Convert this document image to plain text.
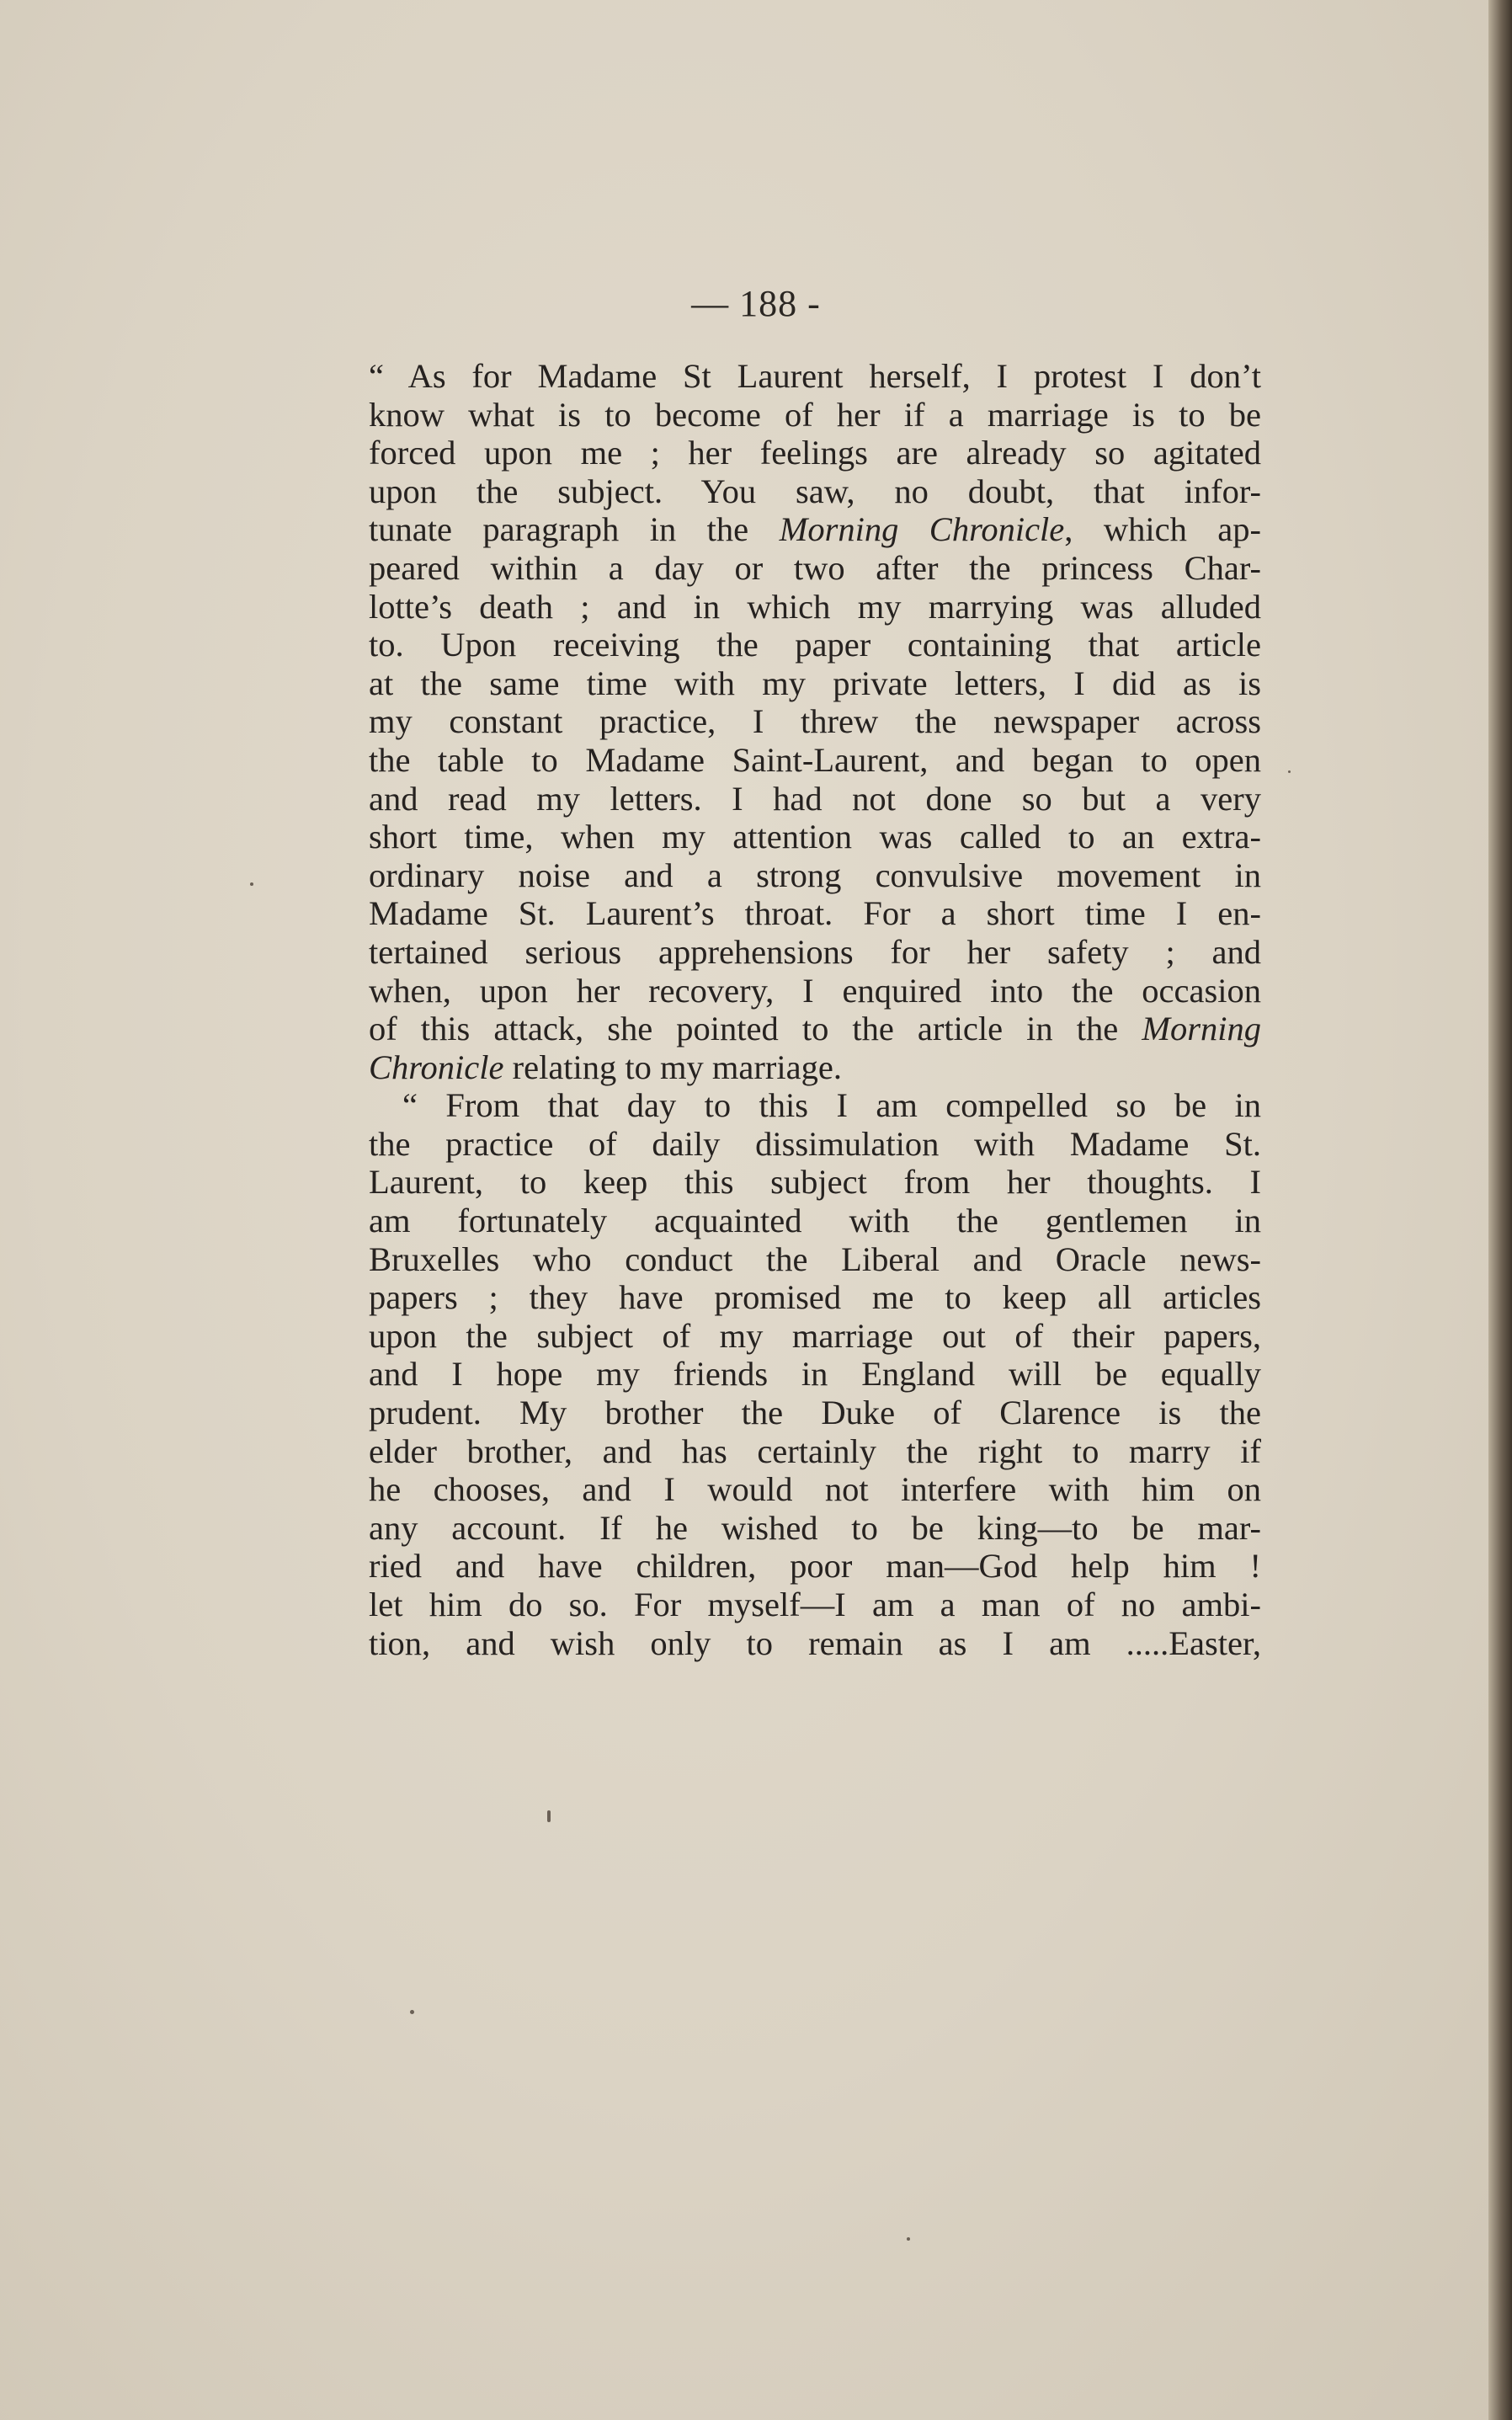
— 188 -
“ As for Madame St Laurent herself, I protest I don’t
know what is to become of her if a marriage is to be
forced upon me ; her feelings are already so agitated
upon the subject. You saw, no doubt, that infor-
tunate paragraph in the Morning Chronicle, which ap-
peared within a day or two after the princess Char-
lotte’s death ; and in which my marrying was alluded
to. Upon receiving the paper containing that article
at the same time with my private letters, I did as is
my constant practice, I threw the newspaper across
the table to Madame Saint-Laurent, and began to open
and read my letters. I had not done so but a very
short time, when my attention was called to an extra-
ordinary noise and a strong convulsive movement in
Madame St. Laurent’s throat. For a short time I en-
tertained serious apprehensions for her safety ; and
when, upon her recovery, I enquired into the occasion
of this attack, she pointed to the article in the Morning
Chronicle relating to my marriage.
“ From that day to this I am compelled so be in
the practice of daily dissimulation with Madame St.
Laurent, to keep this subject from her thoughts. I
am fortunately acquainted with the gentlemen in
Bruxelles who conduct the Liberal and Oracle news-
papers ; they have promised me to keep all articles
upon the subject of my marriage out of their papers,
and I hope my friends in England will be equally
prudent. My brother the Duke of Clarence is the
elder brother, and has certainly the right to marry if
he chooses, and I would not interfere with him on
any account. If he wished to be king—to be mar-
ried and have children, poor man—God help him !
let him do so. For myself—I am a man of no ambi-
tion, and wish only to remain as I am .....Easter,
